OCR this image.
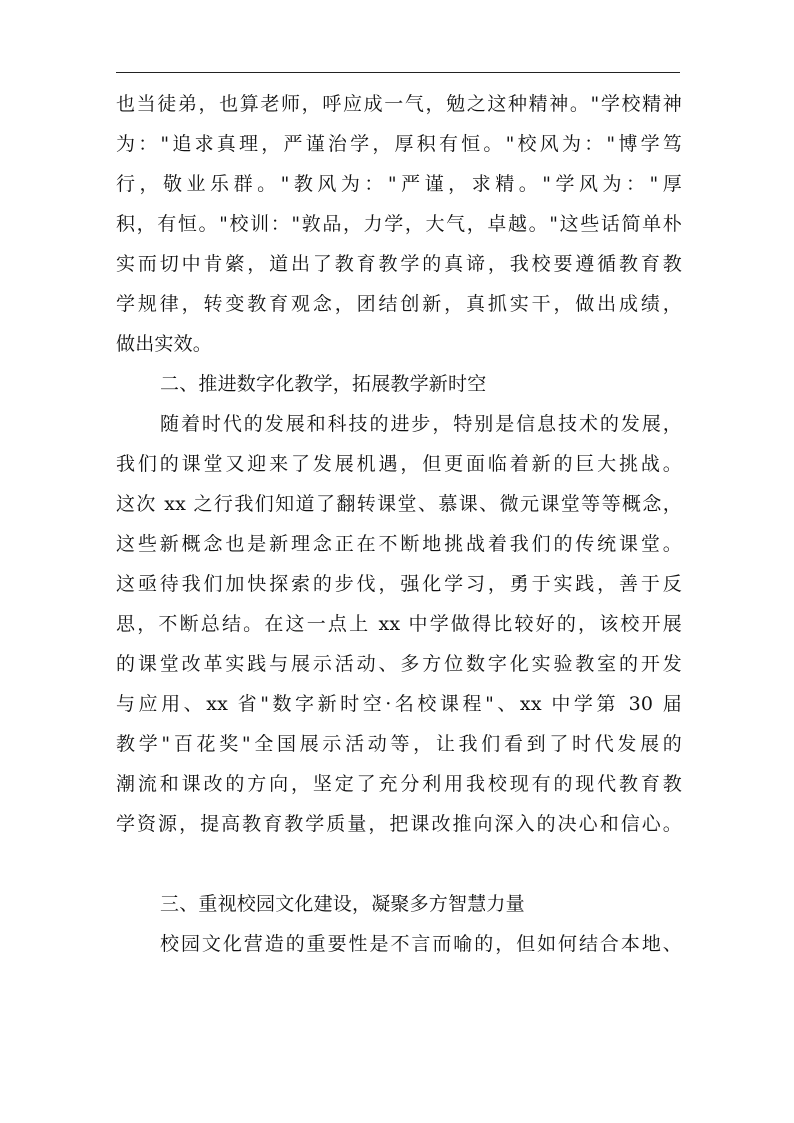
也当徒弟，也算老师，呼应成一气，勉之这种精神。"学校精神
为："追求真理，严谨治学，厚积有恒。"校风为："博学笃
行，敬业乐群。"教风为："严谨，求精。"学风为："厚
积，有恒。"校训："敦品，力学，大气，卓越。"这些话简单朴
实而切中肯綮，道出了教育教学的真谛，我校要遵循教育教
学规律，转变教育观念，团结创新，真抓实干，做出成绩，
做出实效。
二、推进数字化教学，拓展教学新时空
随着时代的发展和科技的进步，特别是信息技术的发展，
我们的课堂又迎来了发展机遇，但更面临着新的巨大挑战。
这次 xx 之行我们知道了翻转课堂、慕课、微元课堂等等概念，
这些新概念也是新理念正在不断地挑战着我们的传统课堂。
这亟待我们加快探索的步伐，强化学习，勇于实践，善于反
思，不断总结。在这一点上 xx 中学做得比较好的，该校开展
的课堂改革实践与展示活动、多方位数字化实验教室的开发
与应用、xx 省"数字新时空·名校课程"、xx 中学第 30 届
教学"百花奖"全国展示活动等，让我们看到了时代发展的
潮流和课改的方向，坚定了充分利用我校现有的现代教育教
学资源，提高教育教学质量，把课改推向深入的决心和信心。
三、重视校园文化建设，凝聚多方智慧力量
校园文化营造的重要性是不言而喻的，但如何结合本地、
